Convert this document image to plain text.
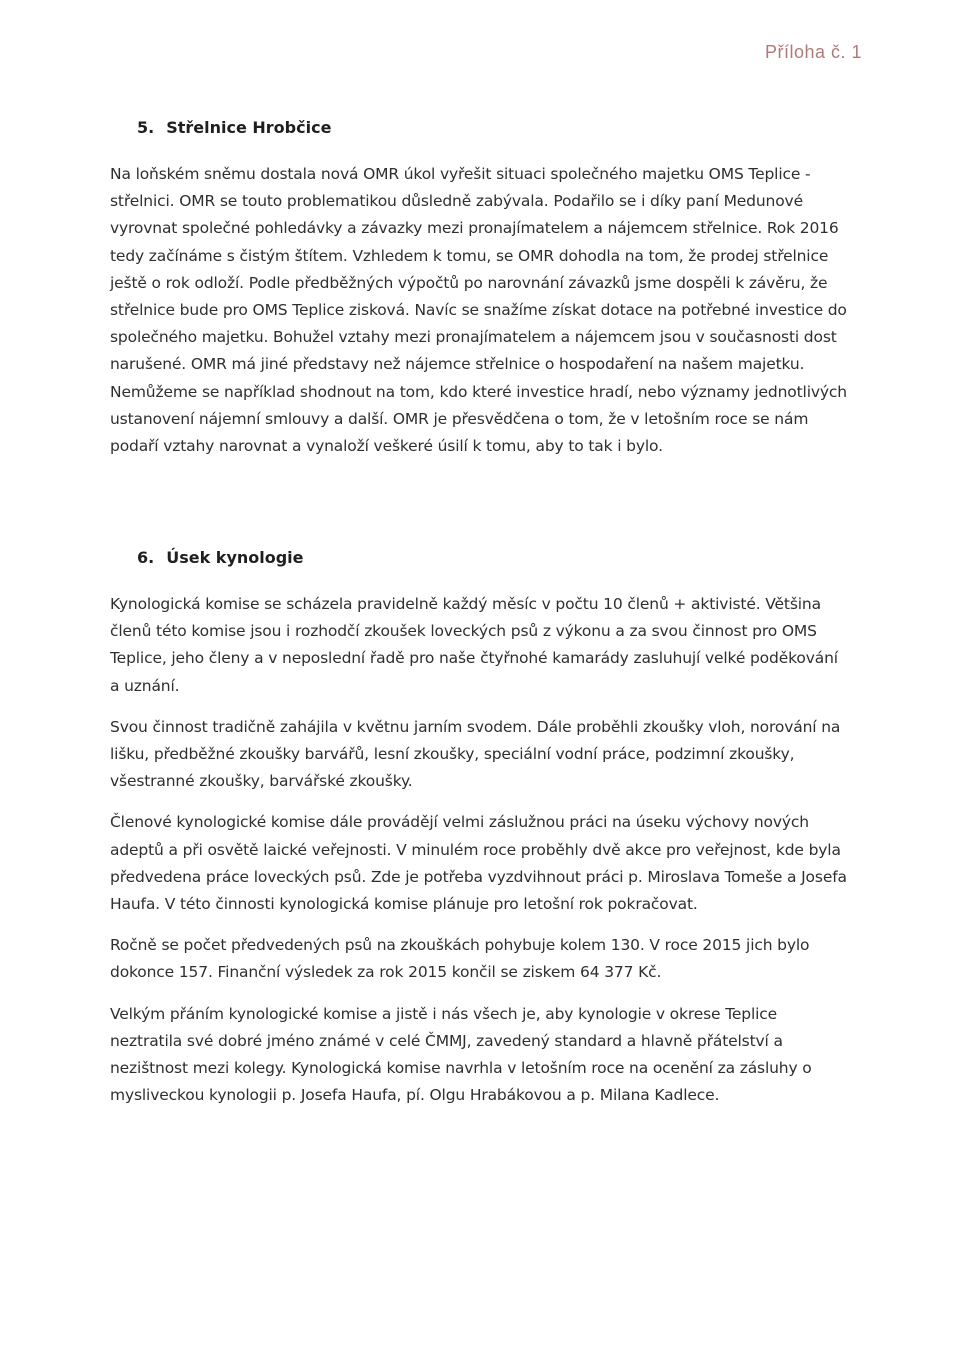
Příloha č. 1
5. Střelnice Hrobčice

Na loňském sněmu dostala nová OMR úkol vyřešit situaci společného majetku OMS Teplice - střelnici. OMR se touto problematikou důsledně zabývala. Podařilo se i díky paní Medunové vyrovnat společné pohledávky a závazky mezi pronajímatelem a nájemcem střelnice. Rok 2016 tedy začínáme s čistým štítem. Vzhledem k tomu, se OMR dohodla na tom, že prodej střelnice ještě o rok odloží. Podle předběžných výpočtů po narovnání závazků jsme dospěli k závěru, že střelnice bude pro OMS Teplice zisková. Navíc se snažíme získat dotace na potřebné investice do společného majetku. Bohužel vztahy mezi pronajímatelem a nájemcem jsou v současnosti dost narušené. OMR má jiné představy než nájemce střelnice o hospodaření na našem majetku. Nemůžeme se například shodnout na tom, kdo které investice hradí, nebo významy jednotlivých ustanovení nájemní smlouvy a další. OMR je přesvědčena o tom, že v letošním roce se nám podaří vztahy narovnat a vynaloží veškeré úsilí k tomu, aby to tak i bylo.

6. Úsek kynologie

Kynologická komise se scházela pravidelně každý měsíc v počtu 10 členů + aktivisté. Většina členů této komise jsou i rozhodčí zkoušek loveckých psů z výkonu a za svou činnost pro OMS Teplice, jeho členy a v neposlední řadě pro naše čtyřnohé kamarády zasluhují velké poděkování a uznání.

Svou činnost tradičně zahájila v květnu jarním svodem. Dále proběhli zkoušky vloh, norování na lišku, předběžné zkoušky barvářů, lesní zkoušky, speciální vodní práce, podzimní zkoušky, všestranné zkoušky, barvářské zkoušky.

Členové kynologické komise dále provádějí velmi záslužnou práci na úseku výchovy nových adeptů a při osvětě laické veřejnosti. V minulém roce proběhly dvě akce pro veřejnost, kde byla předvedena práce loveckých psů. Zde je potřeba vyzdvihnout práci p. Miroslava Tomeše a Josefa Haufa. V této činnosti kynologická komise plánuje pro letošní rok pokračovat.

Ročně se počet předvedených psů na zkouškách pohybuje kolem 130. V roce 2015 jich bylo dokonce 157. Finanční výsledek za rok 2015 končil se ziskem 64 377 Kč.

Velkým přáním kynologické komise a jistě i nás všech je, aby kynologie v okrese Teplice neztratila své dobré jméno známé v celé ČMMJ, zavedený standard a hlavně přátelství a nezištnost mezi kolegy. Kynologická komise navrhla v letošním roce na ocenění za zásluhy o mysliveckou kynologii p. Josefa Haufa, pí. Olgu Hrabákovou a p. Milana Kadlece.
